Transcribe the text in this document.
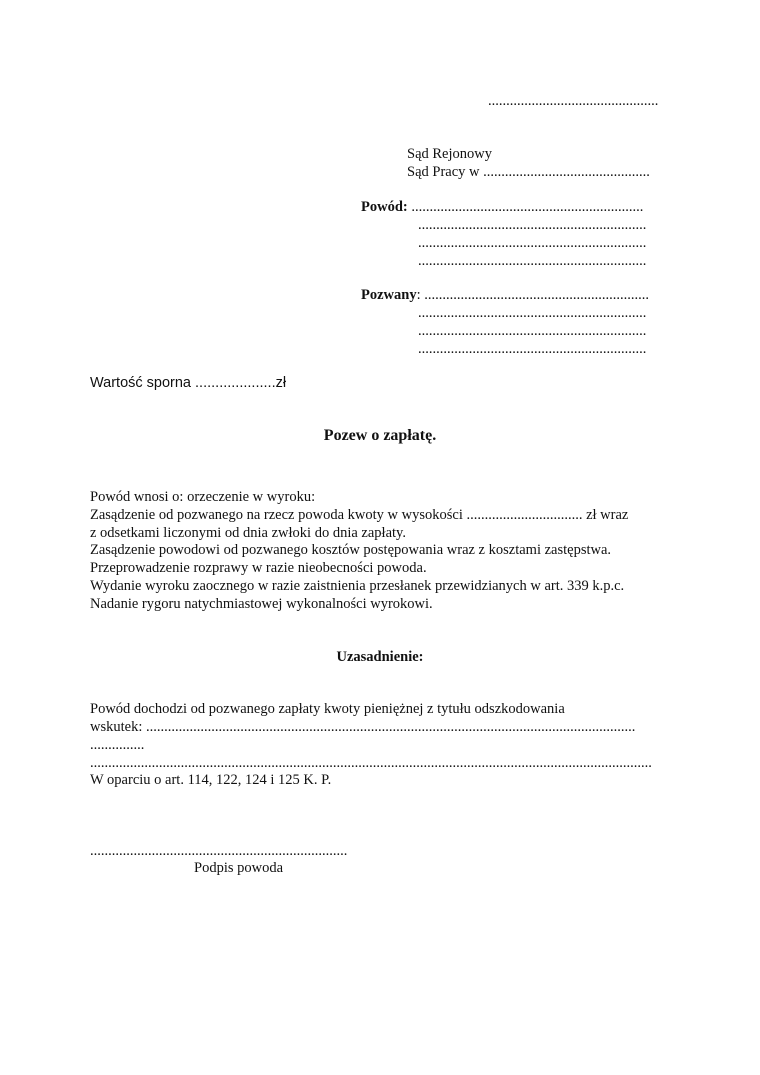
...............................................
Sąd Rejonowy
Sąd Pracy w ..............................................
Powód: ................................................................
...............................................................
...............................................................
...............................................................
Pozwany: ..............................................................
...............................................................
...............................................................
...............................................................
Wartość sporna ....................zł
Pozew o zapłatę.
Powód wnosi o: orzeczenie w wyroku:
Zasądzenie od pozwanego na rzecz powoda kwoty w wysokości ................................ zł wraz
z odsetkami liczonymi od dnia zwłoki do dnia zapłaty.
Zasądzenie powodowi od pozwanego kosztów postępowania wraz z kosztami zastępstwa.
Przeprowadzenie rozprawy w razie nieobecności powoda.
Wydanie wyroku zaocznego w razie zaistnienia przesłanek przewidzianych w art. 339 k.p.c.
Nadanie rygoru natychmiastowej wykonalności wyrokowi.
Uzasadnienie:
Powód dochodzi od pozwanego zapłaty kwoty pieniężnej z tytułu odszkodowania
wskutek: .......................................................................................................................................
...............
...........................................................................................................................................................
W oparciu o art. 114, 122, 124 i 125 K. P.
.......................................................................
Podpis powoda
